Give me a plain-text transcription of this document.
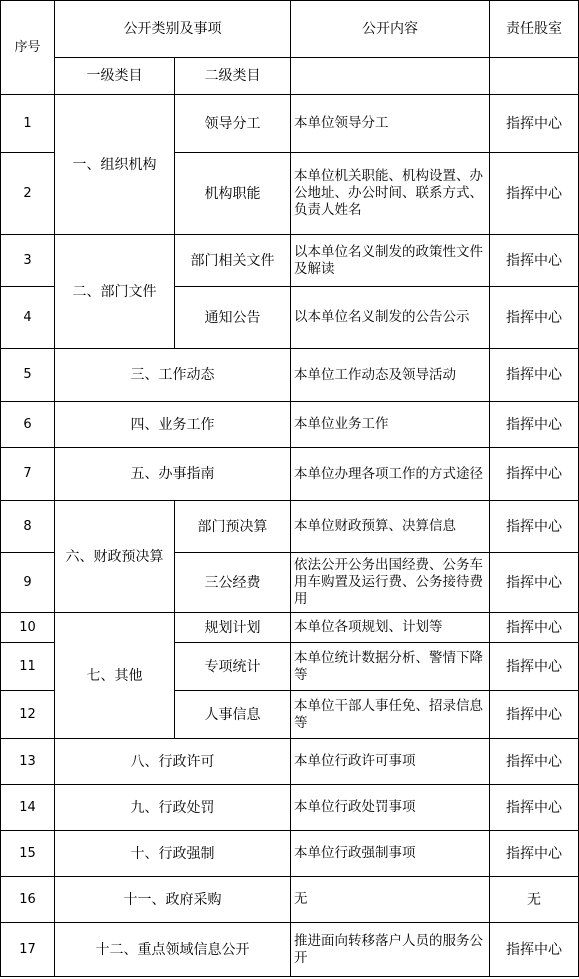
序号	公开类别及事项		公开内容	责任股室
	一级类目	二级类目		
1	一、组织机构	领导分工	本单位领导分工	指挥中心
2		机构职能	本单位机关职能、机构设置、办公地址、办公时间、联系方式、负责人姓名	指挥中心
3	二、部门文件	部门相关文件	以本单位名义制发的政策性文件及解读	指挥中心
4		通知公告	以本单位名义制发的公告公示	指挥中心
5	三、工作动态		本单位工作动态及领导活动	指挥中心
6	四、业务工作		本单位业务工作	指挥中心
7	五、办事指南		本单位办理各项工作的方式途径	指挥中心
8	六、财政预决算	部门预决算	本单位财政预算、决算信息	指挥中心
9		三公经费	依法公开公务出国经费、公务车用车购置及运行费、公务接待费用	指挥中心
10	七、其他	规划计划	本单位各项规划、计划等	指挥中心
11		专项统计	本单位统计数据分析、警情下降等	指挥中心
12		人事信息	本单位干部人事任免、招录信息等	指挥中心
13	八、行政许可		本单位行政许可事项	指挥中心
14	九、行政处罚		本单位行政处罚事项	指挥中心
15	十、行政强制		本单位行政强制事项	指挥中心
16	十一、政府采购		无	无
17	十二、重点领域信息公开		推进面向转移落户人员的服务公开	指挥中心
